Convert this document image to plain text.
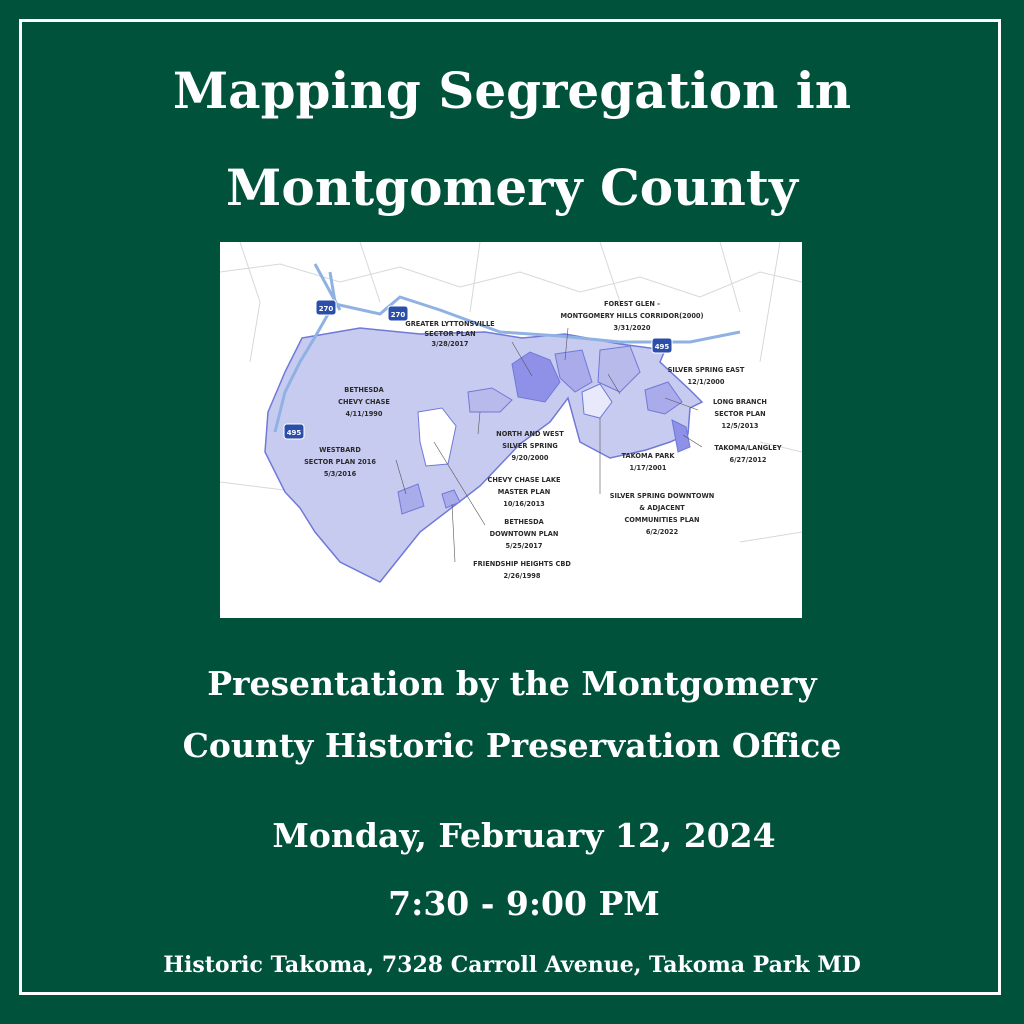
Mapping Segregation in
Montgomery County
270
270
495
495
GREATER LYTTONSVILLE
SECTOR PLAN
3/28/2017
FOREST GLEN -
MONTGOMERY HILLS CORRIDOR(2000)
3/31/2020
SILVER SPRING EAST
12/1/2000
LONG BRANCH
SECTOR PLAN
12/5/2013
TAKOMA/LANGLEY
6/27/2012
BETHESDA
CHEVY CHASE
4/11/1990
WESTBARD
SECTOR PLAN 2016
5/3/2016
NORTH AND WEST
SILVER SPRING
9/20/2000	TAKOMA PARK
1/17/2001
CHEVY CHASE LAKE
MASTER PLAN
10/16/2013
SILVER SPRING DOWNTOWN
& ADJACENT
COMMUNITIES PLAN
6/2/2022
BETHESDA
DOWNTOWN PLAN
5/25/2017
FRIENDSHIP HEIGHTS CBD
2/26/1998

Presentation by the Montgomery

County Historic Preservation Office

Monday, February 12, 2024
7:30 - 9:00 PM
Historic Takoma, 7328 Carroll Avenue, Takoma Park MD
